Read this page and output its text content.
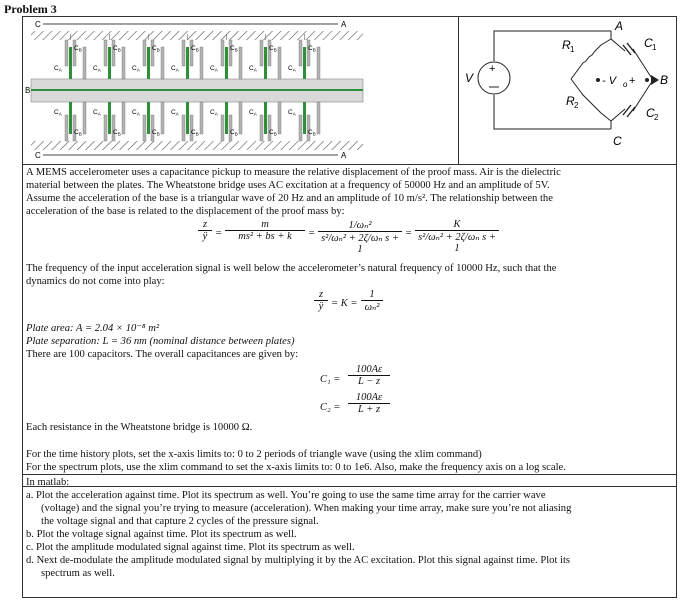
Problem 3
C	A
C	A
B
$C_B$
$C_A$
$C_A$
$C_B$
$C_B$
$C_A$
$C_A$
$C_B$
$C_B$
$C_A$
$C_A$
$C_B$
$C_B$
$C_A$
$C_A$
$C_B$
$C_B$
$C_A$
$C_A$
$C_B$
$C_B$
$C_A$
$C_A$
$C_B$
$C_B$
$C_A$
$C_A$
$C_B$
+
V
A
C
B
- V o +
R 1
R 2
C 1
C 2
A MEMS accelerometer uses a capacitance pickup to measure the relative displacement of the proof mass. Air is the dielectric
material between the plates. The Wheatstone bridge uses AC excitation at a frequency of 50000 Hz and an amplitude of 5V.
Assume the acceleration of the base is a triangular wave of 20 Hz and an amplitude of 10 m/s². The relationship between the
acceleration of the base is related to the displacement of the proof mass by:
$\frac{z}{ÿ} = \frac{m}{\text{ms² + bs + k}} = \frac{\text{1/ωₙ²}}{\text{s²/ωₙ² + 2ζ/ωₙ s + 1}} = \frac{K}{\text{s²/ωₙ² + 2ζ/ωₙ s + 1}}$
The frequency of the input acceleration signal is well below the accelerometer’s natural frequency of 10000 Hz, such that the
dynamics do not come into play:
$\frac{z}{ÿ} = K = \frac{1}{\text{ωₙ²}}$
Plate area: A = 2.04 × 10⁻⁸ m²
Plate separation: L = 36 nm (nominal distance between plates)
There are 100 capacitors. The overall capacitances are given by:
$C_1 = \frac{100A\varepsilon}{L - z}$
$C_2 = \frac{100A\varepsilon}{L + z}$
Each resistance in the Wheatstone bridge is 10000 Ω.
For the time history plots, set the x-axis limits to: 0 to 2 periods of triangle wave (using the xlim command)
For the spectrum plots, use the xlim command to set the x-axis limits to: 0 to 1e6. Also, make the frequency axis on a log scale.
In matlab:
a. Plot the acceleration against time. Plot its spectrum as well. You’re going to use the same time array for the carrier wave
(voltage) and the signal you’re trying to measure (acceleration). When making your time array, make sure you’re not aliasing
the voltage signal and that capture 2 cycles of the pressure signal.
b. Plot the voltage signal against time. Plot its spectrum as well.
c. Plot the amplitude modulated signal against time. Plot its spectrum as well.
d. Next de-modulate the amplitude modulated signal by multiplying it by the AC excitation. Plot this signal against time. Plot its
spectrum as well.
